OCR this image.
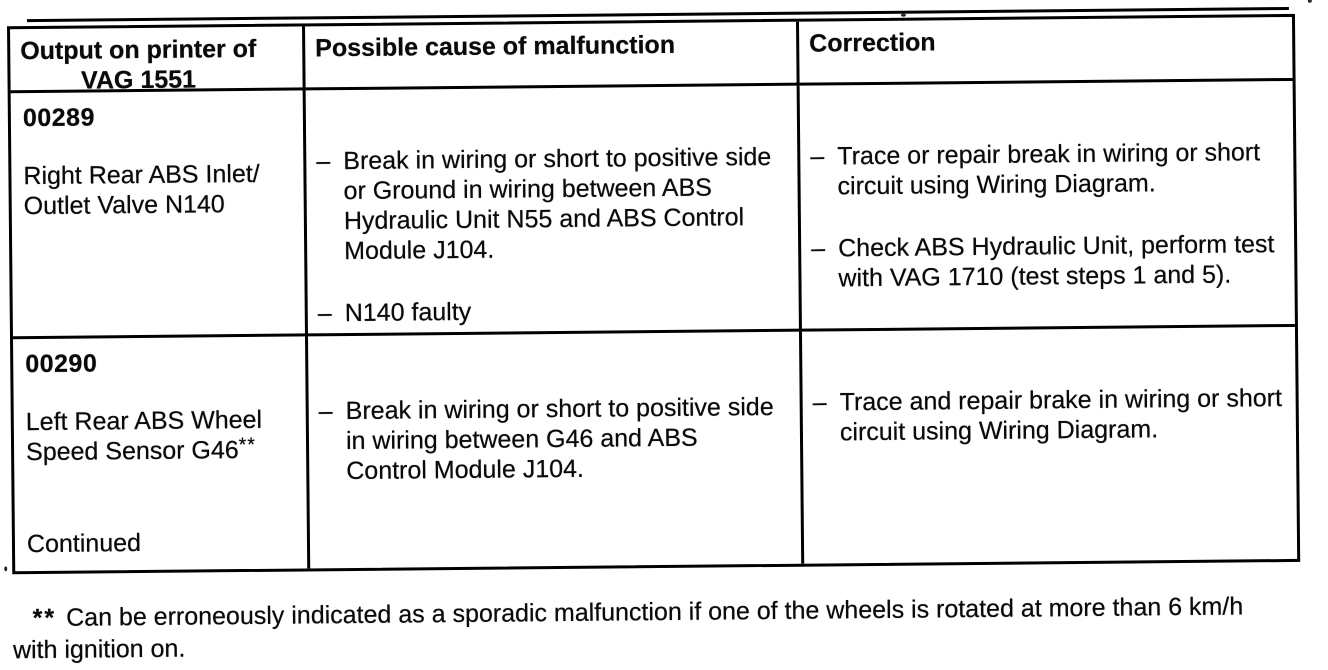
Output on printer of
VAG 1551
Possible cause of malfunction	Correction
00289
Right Rear ABS Inlet/
Outlet Valve N140
– Break in wiring or short to positive side
or Ground in wiring between ABS
Hydraulic Unit N55 and ABS Control
Module J104.
– N140 faulty
– Trace or repair break in wiring or short
circuit using Wiring Diagram.
– Check ABS Hydraulic Unit, perform test
with VAG 1710 (test steps 1 and 5).
00290
Left Rear ABS Wheel
Speed Sensor G46**
Continued
– Break in wiring or short to positive side
in wiring between G46 and ABS
Control Module J104.
– Trace and repair brake in wiring or short
circuit using Wiring Diagram.
** Can be erroneously indicated as a sporadic malfunction if one of the wheels is rotated at more than 6 km/h
with ignition on.
